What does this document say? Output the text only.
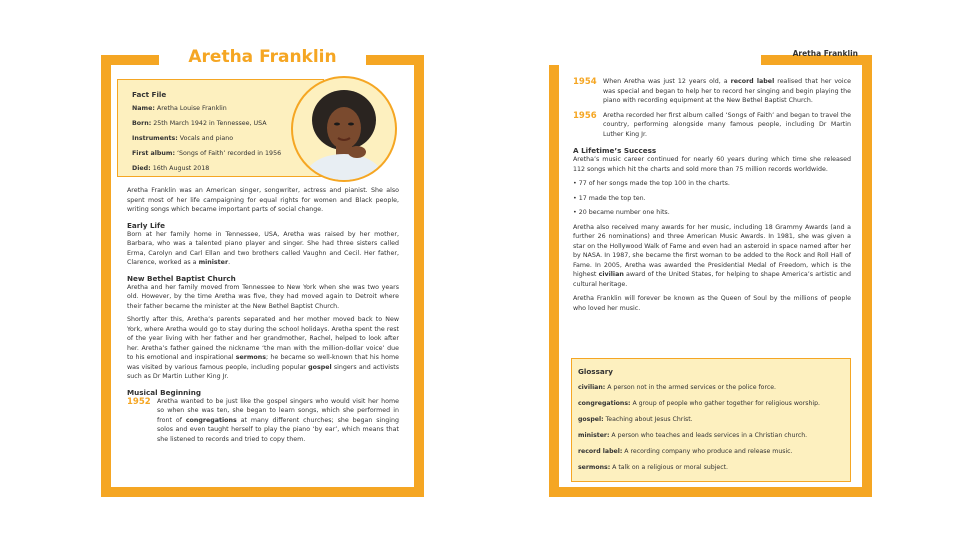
Aretha Franklin

Fact File

Name: Aretha Louise Franklin

Born: 25th March 1942 in Tennessee, USA

Instruments: Vocals and piano

First album: ‘Songs of Faith’ recorded in 1956

Died: 16th August 2018

Aretha Franklin was an American singer, songwriter, actress and pianist. She also spent most of her life campaigning for equal rights for women and Black people, writing songs which became important parts of social change.

Early Life

Born at her family home in Tennessee, USA, Aretha was raised by her mother, Barbara, who was a talented piano player and singer. She had three sisters called Erma, Carolyn and Carl Ellan and two brothers called Vaughn and Cecil. Her father, Clarence, worked as a minister.

New Bethel Baptist Church

Aretha and her family moved from Tennessee to New York when she was two years old. However, by the time Aretha was five, they had moved again to Detroit where their father became the minister at the New Bethel Baptist Church.

Shortly after this, Aretha’s parents separated and her mother moved back to New York, where Aretha would go to stay during the school holidays. Aretha spent the rest of the year living with her father and her grandmother, Rachel, helped to look after her. Aretha’s father gained the nickname ‘the man with the million-dollar voice’ due to his emotional and inspirational sermons; he became so well-known that his home was visited by various famous people, including popular gospel singers and activists such as Dr Martin Luther King Jr.

Musical Beginning

1952 Aretha wanted to be just like the gospel singers who would visit her home so when she was ten, she began to learn songs, which she performed in front of congregations at many different churches; she began singing solos and even taught herself to play the piano ‘by ear’, which means that she listened to records and tried to copy them.

Aretha Franklin
1954 When Aretha was just 12 years old, a record label realised that her voice was special and began to help her to record her singing and begin playing the piano with recording equipment at the New Bethel Baptist Church.

1956 Aretha recorded her first album called ‘Songs of Faith’ and began to travel the country, performing alongside many famous people, including Dr Martin Luther King Jr.

A Lifetime’s Success

Aretha’s music career continued for nearly 60 years during which time she released 112 songs which hit the charts and sold more than 75 million records worldwide.

• 77 of her songs made the top 100 in the charts.

• 17 made the top ten.

• 20 became number one hits.

Aretha also received many awards for her music, including 18 Grammy Awards (and a further 26 nominations) and three American Music Awards. In 1981, she was given a star on the Hollywood Walk of Fame and even had an asteroid in space named after her by NASA. In 1987, she became the first woman to be added to the Rock and Roll Hall of Fame. In 2005, Aretha was awarded the Presidential Medal of Freedom, which is the highest civilian award of the United States, for helping to shape America’s artistic and cultural heritage.

Aretha Franklin will forever be known as the Queen of Soul by the millions of people who loved her music.

Glossary

civilian: A person not in the armed services or the police force.

congregations: A group of people who gather together for religious worship.

gospel: Teaching about Jesus Christ.

minister: A person who teaches and leads services in a Christian church.

record label: A recording company who produce and release music.

sermons: A talk on a religious or moral subject.
